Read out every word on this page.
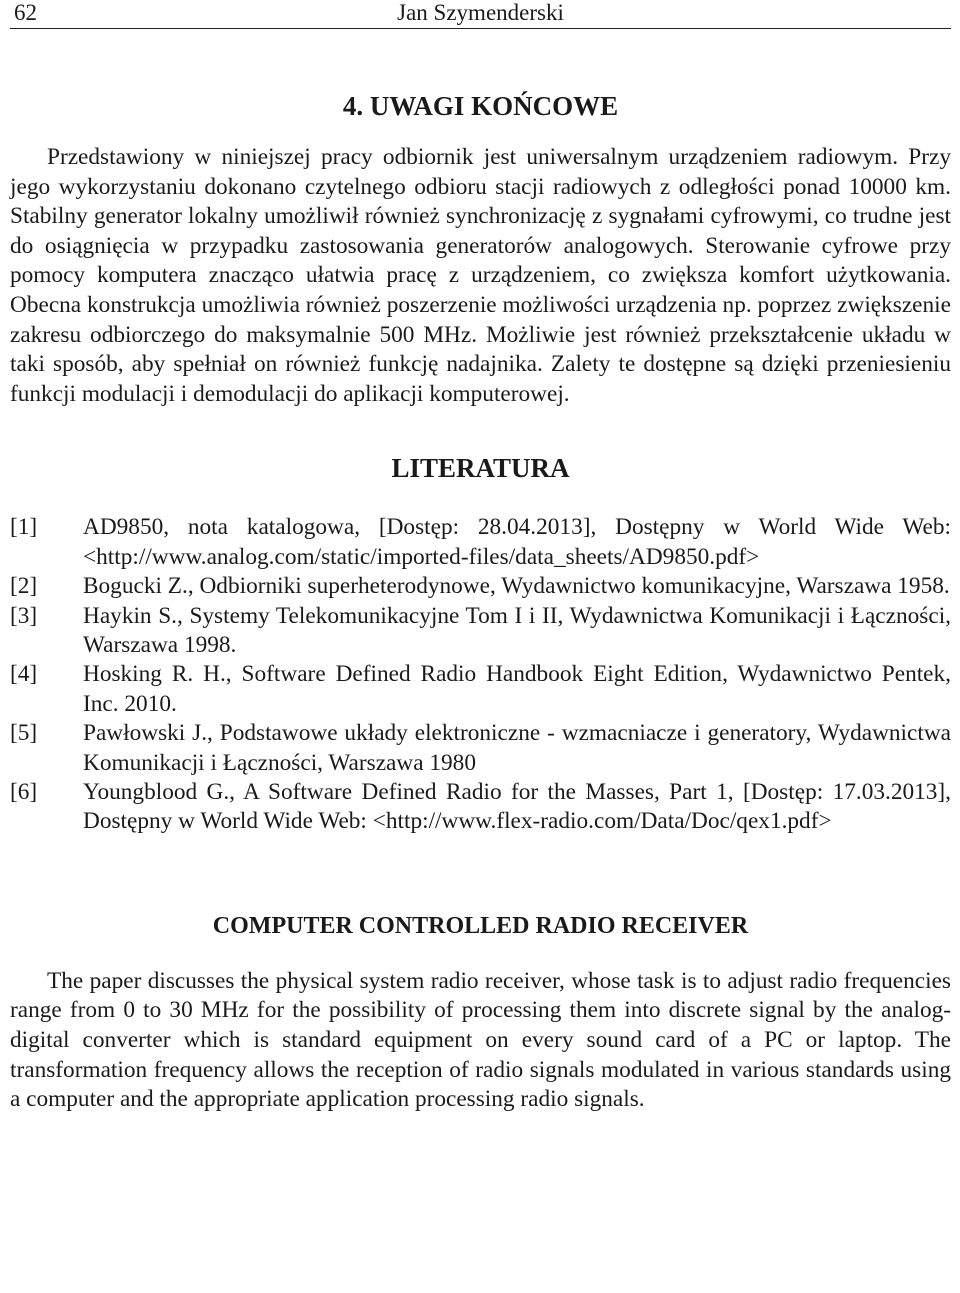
62	Jan Szymenderski
4. UWAGI KOŃCOWE

Przedstawiony w niniejszej pracy odbiornik jest uniwersalnym urządzeniem radiowym. Przy jego wykorzystaniu dokonano czytelnego odbioru stacji radiowych z odległości ponad 10000 km. Stabilny generator lokalny umożliwił również synchronizację z sygnałami cyfrowymi, co trudne jest do osiągnięcia w przypadku zastosowania generatorów analogowych. Sterowanie cyfrowe przy pomocy komputera znacząco ułatwia pracę z urządzeniem, co zwiększa komfort użytkowania. Obecna konstrukcja umożliwia również poszerzenie możliwości urządzenia np. poprzez zwiększenie zakresu odbiorczego do maksymalnie 500 MHz. Możliwie jest również przekształcenie układu w taki sposób, aby spełniał on również funkcję nadajnika. Zalety te dostępne są dzięki przeniesieniu funkcji modulacji i demodulacji do aplikacji komputerowej.

LITERATURA
[1] AD9850, nota katalogowa, [Dostęp: 28.04.2013], Dostępny w World Wide Web: <http://www.analog.com/static/imported-files/data_sheets/AD9850.pdf>
[2] Bogucki Z., Odbiorniki superheterodynowe, Wydawnictwo komunikacyjne, Warszawa 1958.
[3] Haykin S., Systemy Telekomunikacyjne Tom I i II, Wydawnictwa Komunikacji i Łączności, Warszawa 1998.
[4] Hosking R. H., Software Defined Radio Handbook Eight Edition, Wydawnictwo Pentek, Inc. 2010.
[5] Pawłowski J., Podstawowe układy elektroniczne - wzmacniacze i generatory, Wydawnictwa Komunikacji i Łączności, Warszawa 1980
[6] Youngblood G., A Software Defined Radio for the Masses, Part 1, [Dostęp: 17.03.2013], Dostępny w World Wide Web: <http://www.flex-radio.com/Data/Doc/qex1.pdf>
COMPUTER CONTROLLED RADIO RECEIVER

The paper discusses the physical system radio receiver, whose task is to adjust radio frequencies range from 0 to 30 MHz for the possibility of processing them into discrete signal by the analog-digital converter which is standard equipment on every sound card of a PC or laptop. The transformation frequency allows the reception of radio signals modulated in various standards using a computer and the appropriate application processing radio signals.
